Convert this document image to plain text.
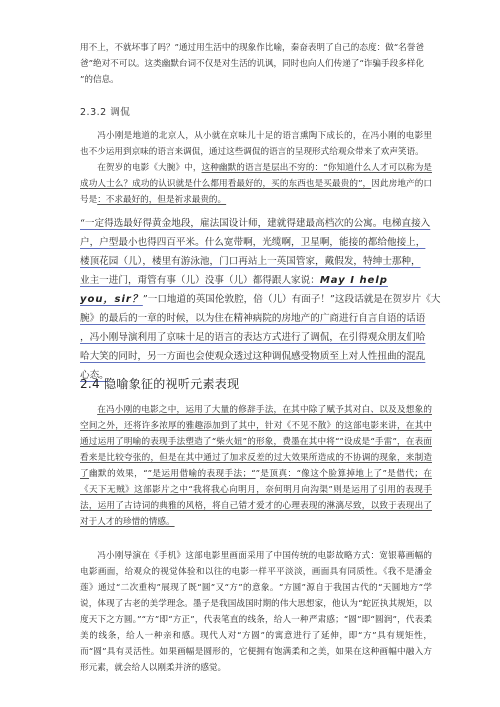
用不上，不就坏事了吗？”通过用生活中的现象作比喻，秦奋表明了自己的态度：做“名誉爸
爸”绝对不可以。这类幽默台词不仅是对生活的讥讽，同时也向人们传递了“诈骗手段多样化
”的信息。

2.3.2 调侃

冯小刚是地道的北京人，从小就在京味儿十足的语言熏陶下成长的，在冯小刚的电影里也不少运用到京味的语言来调侃，通过这些调侃的语言的呈现形式给观众带来了欢声笑语。

在贺岁的电影《大腕》中，这种幽默的语言是层出不穷的：“你知道什么人才可以称为是成功人士么？成功的认识就是什么都用看最好的，买的东西也是买最贵的”，因此房地产的口号是：不求最好的，但是祈求最贵的。

“一定得选最好得黄金地段，雇法国设计师，建就得建最高档次的公寓。电梯直接入
户，户型最小也得四百平米。什么宽带啊，光缆啊，卫星啊，能接的都给他接上，
楼顶花园（儿），楼里有游泳池，门口再站上一英国管家，戴假发，特绅士那种，
业主一进门，甭管有事（儿）没事（儿）都得跟人家说：May I help
you，sir？”一口地道的英国伦敦腔，倍（儿）有面子！”这段话就是在贺岁片《大
腕》的最后的一章的时候，以为住在精神病院的房地产的广商进行自言自语的话语
，冯小刚导演利用了京味十足的语言的表达方式进行了调侃，在引得观众朋友们哈
哈大笑的同时，另一方面也会使观众透过这种调侃感受物质至上对人性扭曲的混乱
心态。
2.4 隐喻象征的视听元素表现

在冯小刚的电影之中，运用了大量的修辞手法，在其中除了赋予其对白、以及及想象的空间之外，还将许多浓厚的雅趣添加到了其中，针对《不见不散》的这部电影来讲，在其中通过运用了明喻的表现手法塑造了“柴火妞”的形象，费墨在其中将“”设成是“手雷”，在表面看来是比较夸张的，但是在其中通过了加求反差的过大效果所造成的不协调的现象，来制造了幽默的效果，“”是运用借喻的表现手法；“”是顶真：“像这个脸算掉地上了”是借代；在《天下无贼》这部影片之中“我将我心向明月，奈何明月向沟渠”则是运用了引用的表现手法，运用了古诗词的典雅的风格，将自己错才爱才的心理表现的淋漓尽致，以致于表现出了对于人才的珍惜的情感。

冯小刚导演在《手机》这部电影里画面采用了中国传统的电影故略方式：宽银幕画幅的电影画面，给观众的视觉体验和以往的电影一样平平淡淡，画面具有同质性。《我不是潘金莲》通过“二次重构”展现了既“圆”又“方”的意象。“方圆”源自于我国古代的“天圆地方”学说，体现了古老的美学理念。墨子是我国战国时期的伟大思想家，他认为“蛇匠执其规矩，以度天下之方圆。”“方”即“方正”，代表笔直的线条，给人一种严肃感；“圆”即“圆润”，代表柔美的线条，给人一种亲和感。现代人对“方圆”的寓意进行了延伸，即“方”具有规矩性，而“圆”具有灵活性。如果画幅是圆形的，它便拥有饱满柔和之美，如果在这种画幅中融入方形元素，就会给人以刚柔并济的感觉。
